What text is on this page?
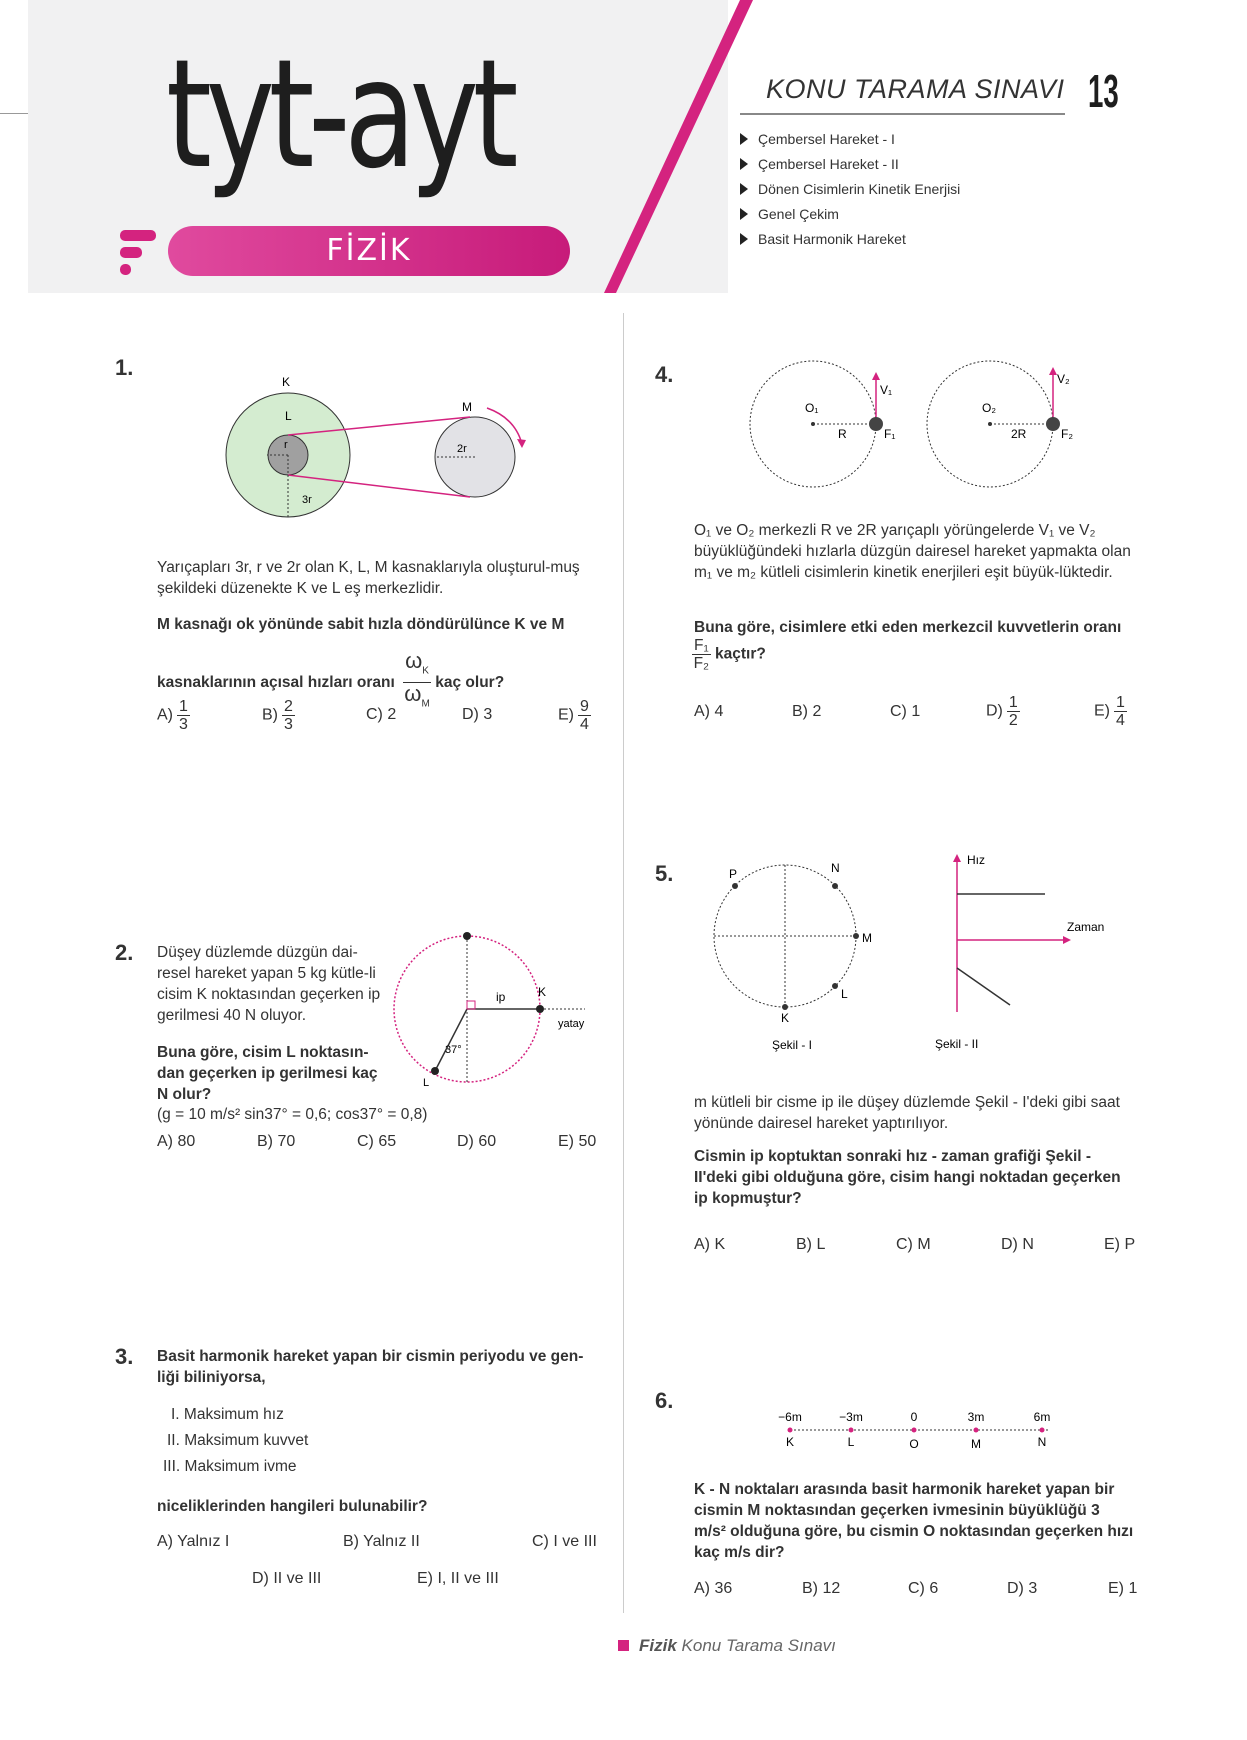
tyt-ayt
FİZİK
KONU TARAMA SINAVI 13
Çembersel Hareket - I
Çembersel Hareket - II
Dönen Cisimlerin Kinetik Enerjisi
Genel Çekim
Basit Harmonik Hareket
1.
K
L
r
M
2r
3r
Yarıçapları 3r, r ve 2r olan K, L, M kasnaklarıyla oluşturul-muş şekildeki düzenekte K ve L eş merkezlidir.
M kasnağı ok yönünde sabit hızla döndürülünce K ve M
kasnaklarının açısal hızları oranı $\frac{\omega_K}{\omega_M}$ kaç olur?
$A) \frac{1}{3}$	$B) \frac{2}{3}$	C) 2	D) 3	$E) \frac{9}{4}$
2. Düşey düzlemde düzgün dai-resel hareket yapan 5 kg kütle-li cisim K noktasından geçerken ip gerilmesi 40 N oluyor.
Buna göre, cisim L noktasın-dan geçerken ip gerilmesi kaç N olur?
(g = 10 m/s² sin37° = 0,6; cos37° = 0,8)
ip	K
yatay
37°
L
A) 80	B) 70	C) 65	D) 60	E) 50
3. Basit harmonik hareket yapan bir cismin periyodu ve gen-liği biliniyorsa,
I. Maksimum hız
II. Maksimum kuvvet
III. Maksimum ivme
niceliklerinden hangileri bulunabilir?
A) Yalnız I	B) Yalnız II	C) I ve III
D) II ve III	E) I, II ve III
4.
O₁
R
V₁
F₁
O₂
2R
V₂
F₂
O₁ ve O₂ merkezli R ve 2R yarıçaplı yörüngelerde V₁ ve V₂ büyüklüğündeki hızlarla düzgün dairesel hareket yapmakta olan m₁ ve m₂ kütleli cisimlerin kinetik enerjileri eşit büyük-lüktedir.
Buna göre, cisimlere etki eden merkezcil kuvvetlerin oranı
$\frac{\text{F₁}}{\text{F₂}}$ kaçtır?
A) 4	B) 2	C) 1	$D) \frac{1}{2}$	$E) \frac{1}{4}$
5.	P	N
M
L
K
Şekil - I
Hız
Zaman
Şekil - II
m kütleli bir cisme ip ile düşey düzlemde Şekil - I'deki gibi saat yönünde dairesel hareket yaptırılıyor.
Cismin ip koptuktan sonraki hız - zaman grafiği Şekil - II'deki gibi olduğuna göre, cisim hangi noktadan geçerken ip kopmuştur?
A) K	B) L	C) M	D) N	E) P
6.
−6m	−3m	0	3m	6m
K	L	O	M	N
K - N noktaları arasında basit harmonik hareket yapan bir cismin M noktasından geçerken ivmesinin büyüklüğü 3 m/s² olduğuna göre, bu cismin O noktasından geçerken hızı kaç m/s dir?
A) 36	B) 12	C) 6	D) 3	E) 1
Fizik Konu Tarama Sınavı
